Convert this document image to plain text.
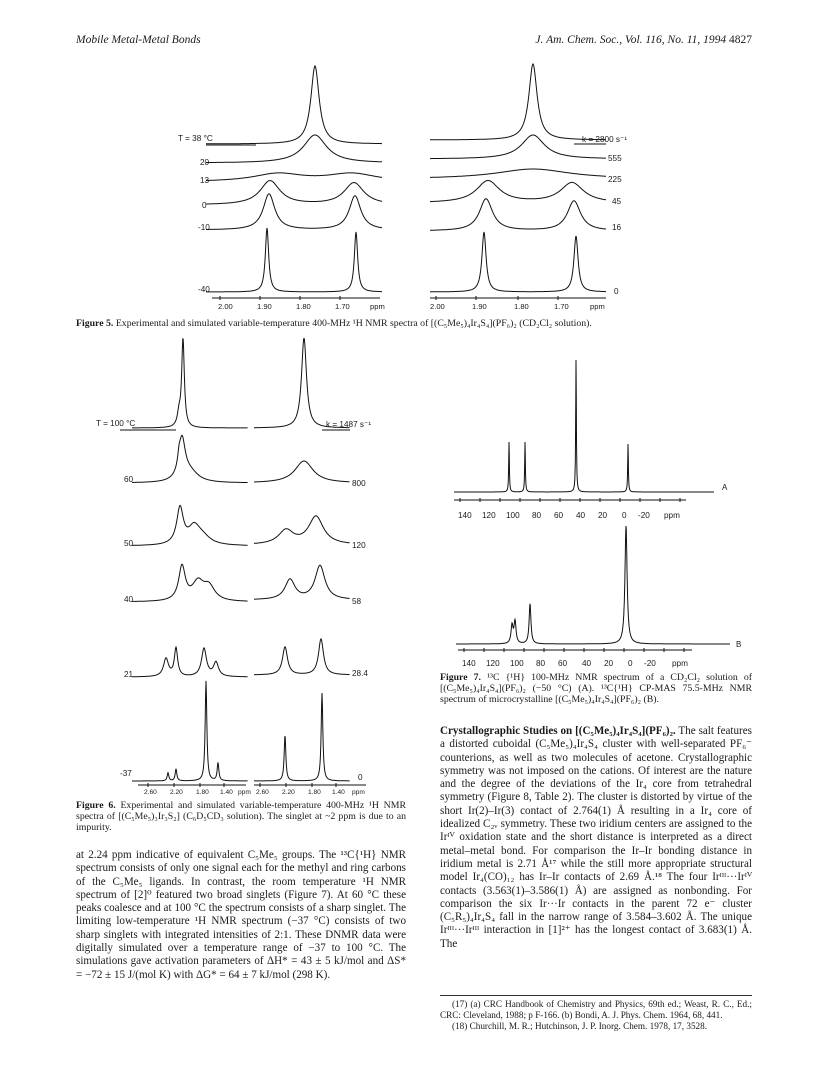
Mobile Metal-Metal Bonds	J. Am. Chem. Soc., Vol. 116, No. 11, 1994 4827
T = 38 °C
20
13
0
-10
-40
k = 2800 s⁻¹
555
225
45
16
0
2.00	1.90	1.80	1.70	ppm	2.00	1.90	1.80	1.70	ppm
Figure 5. Experimental and simulated variable-temperature 400-MHz ¹H NMR spectra of [(C₅Me₅)₄Ir₄S₄](PF₆)₂ (CD₂Cl₂ solution).
T = 100 °C
60
50
40
21
-37
k = 1487 s⁻¹
800
120
58
28.4
0
2.60 2.20 1.80 1.40 ppm 2.60 2.20 1.80 1.40 ppm
Figure 6. Experimental and simulated variable-temperature 400-MHz ¹H NMR spectra of [(C₅Me₅)₃Ir₃S₂] (C₆D₅CD₃ solution). The singlet at ~2 ppm is due to an impurity.
A
B
140 120 100 80 60 40 20 0 -20 ppm
140 120 100 80 60 40 20 0 -20 ppm
Figure 7. ¹³C {¹H} 100-MHz NMR spectrum of a CD₂Cl₂ solution of [(C₅Me₅)₄Ir₄S₄](PF₆)₂ (−50 °C) (A). ¹³C{¹H} CP-MAS 75.5-MHz NMR spectrum of microcrystalline [(C₅Me₅)₄Ir₄S₄](PF₆)₂ (B).
at 2.24 ppm indicative of equivalent C₅Me₅ groups. The ¹³C{¹H} NMR spectrum consists of only one signal each for the methyl and ring carbons of the C₅Me₅ ligands. In contrast, the room temperature ¹H NMR spectrum of [2]⁰ featured two broad singlets (Figure 7). At 60 °C these peaks coalesce and at 100 °C the spectrum consists of a sharp singlet. The limiting low-temperature ¹H NMR spectrum (−37 °C) consists of two sharp singlets with integrated intensities of 2:1. These DNMR data were digitally simulated over a temperature range of −37 to 100 °C. The simulations gave activation parameters of ΔH* = 43 ± 5 kJ/mol and ΔS* = −72 ± 15 J/(mol K) with ΔG* = 64 ± 7 kJ/mol (298 K).
Crystallographic Studies on [(C₅Me₅)₄Ir₄S₄](PF₆)₂. The salt features a distorted cuboidal (C₅Me₅)₄Ir₄S₄ cluster with well-separated PF₆⁻ counterions, as well as two molecules of acetone. Crystallographic symmetry was not imposed on the cations. Of interest are the nature and the degree of the deviations of the Ir₄ core from tetrahedral symmetry (Figure 8, Table 2). The cluster is distorted by virtue of the short Ir(2)–Ir(3) contact of 2.764(1) Å resulting in a Ir₄ core of idealized C₂ᵥ symmetry. These two iridium centers are assigned to the Irᴵⱽ oxidation state and the short distance is interpreted as a direct metal–metal bond. For comparison the Ir–Ir bonding distance in iridium metal is 2.71 Å¹⁷ while the still more appropriate structural model Ir₄(CO)₁₂ has Ir–Ir contacts of 2.69 Å.¹⁸ The four Irᴵᴵᴵ···Irᴵⱽ contacts (3.563(1)–3.586(1) Å) are assigned as nonbonding. For comparison the six Ir···Ir contacts in the parent 72 e⁻ cluster (C₅R₅)₄Ir₄S₄ fall in the narrow range of 3.584–3.602 Å. The unique Irᴵᴵᴵ···Irᴵᴵᴵ interaction in [1]²⁺ has the longest contact of 3.683(1) Å. The
(17) (a) CRC Handbook of Chemistry and Physics, 69th ed.; Weast, R. C., Ed.; CRC: Cleveland, 1988; p F-166. (b) Bondi, A. J. Phys. Chem. 1964, 68, 441.
(18) Churchill, M. R.; Hutchinson, J. P. Inorg. Chem. 1978, 17, 3528.
